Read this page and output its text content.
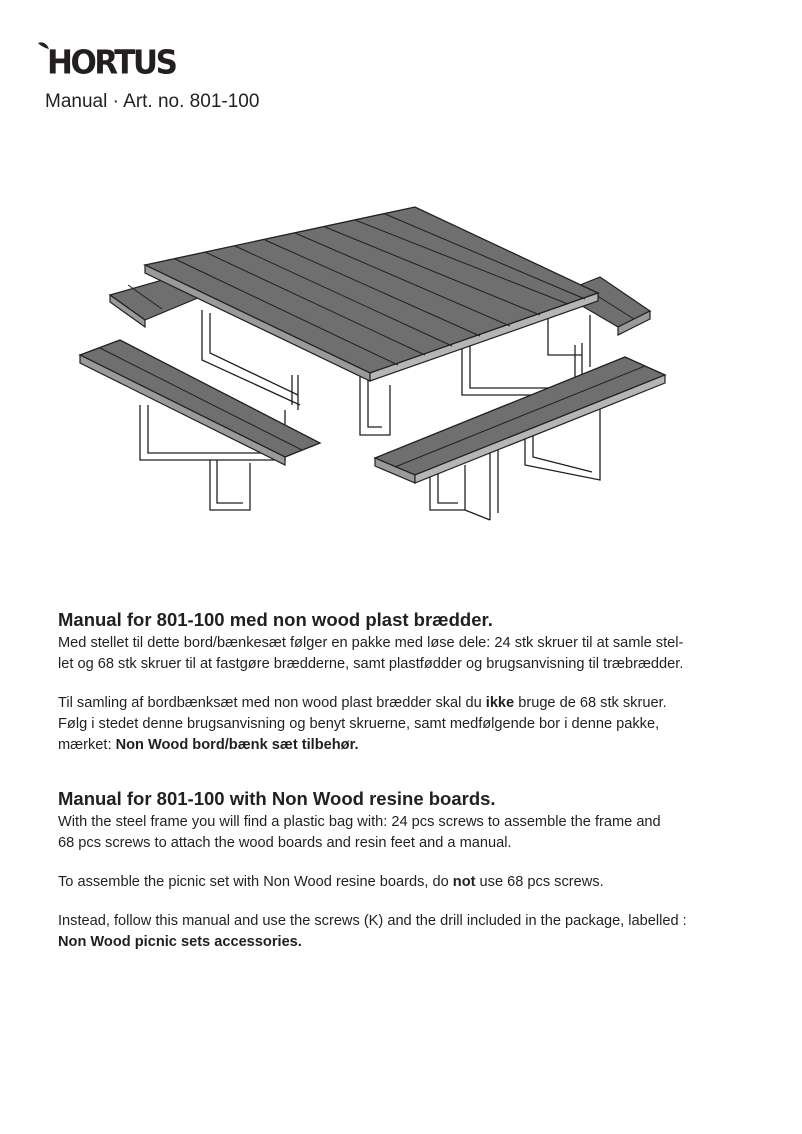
HORTUS
Manual · Art. no. 801-100
Manual for 801-100 med non wood plast brædder.

Med stellet til dette bord/bænkesæt følger en pakke med løse dele: 24 stk skruer til at samle stel-
let og 68 stk skruer til at fastgøre brædderne, samt plastfødder og brugsanvisning til træbrædder.

Til samling af bordbænksæt med non wood plast brædder skal du ikke bruge de 68 stk skruer.
Følg i stedet denne brugsanvisning og benyt skruerne, samt medfølgende bor i denne pakke,
mærket: Non Wood bord/bænk sæt tilbehør.

Manual for 801-100 with Non Wood resine boards.

With the steel frame you will find a plastic bag with: 24 pcs screws to assemble the frame and
68 pcs screws to attach the wood boards and resin feet and a manual.

To assemble the picnic set with Non Wood resine boards, do not use 68 pcs screws.

Instead, follow this manual and use the screws (K) and the drill included in the package, labelled :
Non Wood picnic sets accessories.
